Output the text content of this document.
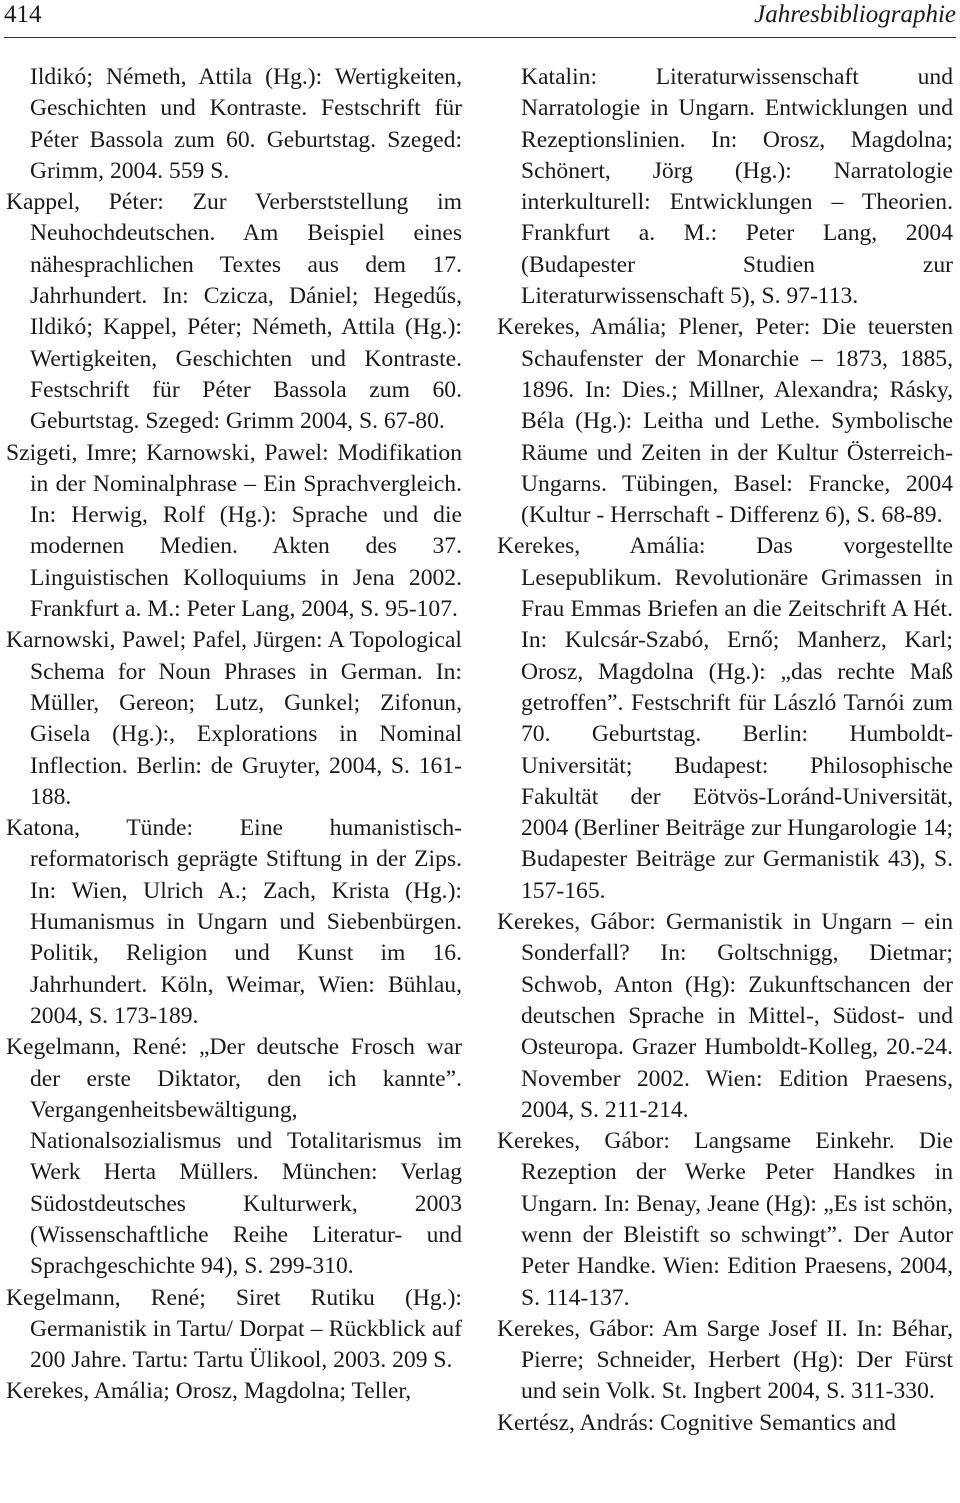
414	Jahresbibliographie

Ildikó; Németh, Attila (Hg.): Wertigkeiten, Geschichten und Kontraste. Festschrift für Péter Bassola zum 60. Geburtstag. Szeged: Grimm, 2004. 559 S.

Kappel, Péter: Zur Verberststellung im Neuhochdeutschen. Am Beispiel eines nähesprachlichen Textes aus dem 17. Jahrhundert. In: Czicza, Dániel; Hegedűs, Ildikó; Kappel, Péter; Németh, Attila (Hg.): Wertigkeiten, Geschichten und Kontraste. Festschrift für Péter Bassola zum 60. Geburtstag. Szeged: Grimm 2004, S. 67-80.

Szigeti, Imre; Karnowski, Pawel: Modifikation in der Nominalphrase – Ein Sprachvergleich. In: Herwig, Rolf (Hg.): Sprache und die modernen Medien. Akten des 37. Linguistischen Kolloquiums in Jena 2002. Frankfurt a. M.: Peter Lang, 2004, S. 95-107.

Karnowski, Pawel; Pafel, Jürgen: A Topological Schema for Noun Phrases in German. In: Müller, Gereon; Lutz, Gunkel; Zifonun, Gisela (Hg.):, Explorations in Nominal Inflection. Berlin: de Gruyter, 2004, S. 161-188.

Katona, Tünde: Eine humanistisch-reformatorisch geprägte Stiftung in der Zips. In: Wien, Ulrich A.; Zach, Krista (Hg.): Humanismus in Ungarn und Siebenbürgen. Politik, Religion und Kunst im 16. Jahrhundert. Köln, Weimar, Wien: Bühlau, 2004, S. 173-189.

Kegelmann, René: „Der deutsche Frosch war der erste Diktator, den ich kannte”. Vergangenheitsbewältigung, Nationalsozialismus und Totalitarismus im Werk Herta Müllers. München: Verlag Südostdeutsches Kulturwerk, 2003 (Wissenschaftliche Reihe Literatur- und Sprachgeschichte 94), S. 299-310.

Kegelmann, René; Siret Rutiku (Hg.): Germanistik in Tartu/ Dorpat – Rückblick auf 200 Jahre. Tartu: Tartu Ülikool, 2003. 209 S.

Kerekes, Amália; Orosz, Magdolna; Teller,

Katalin: Literaturwissenschaft und Narratologie in Ungarn. Entwicklungen und Rezeptionslinien. In: Orosz, Magdolna; Schönert, Jörg (Hg.): Narratologie interkulturell: Entwicklungen – Theorien. Frankfurt a. M.: Peter Lang, 2004 (Budapester Studien zur Literaturwissenschaft 5), S. 97-113.

Kerekes, Amália; Plener, Peter: Die teuersten Schaufenster der Monarchie – 1873, 1885, 1896. In: Dies.; Millner, Alexandra; Rásky, Béla (Hg.): Leitha und Lethe. Symbolische Räume und Zeiten in der Kultur Österreich-Ungarns. Tübingen, Basel: Francke, 2004 (Kultur - Herrschaft - Differenz 6), S. 68-89.

Kerekes, Amália: Das vorgestellte Lesepublikum. Revolutionäre Grimassen in Frau Emmas Briefen an die Zeitschrift A Hét. In: Kulcsár-Szabó, Ernő; Manherz, Karl; Orosz, Magdolna (Hg.): „das rechte Maß getroffen”. Festschrift für László Tarnói zum 70. Geburtstag. Berlin: Humboldt-Universität; Budapest: Philosophische Fakultät der Eötvös-Loránd-Universität, 2004 (Berliner Beiträge zur Hungarologie 14; Budapester Beiträge zur Germanistik 43), S. 157-165.

Kerekes, Gábor: Germanistik in Ungarn – ein Sonderfall? In: Goltschnigg, Dietmar; Schwob, Anton (Hg): Zukunftschancen der deutschen Sprache in Mittel-, Südost- und Osteuropa. Grazer Humboldt-Kolleg, 20.-24. November 2002. Wien: Edition Praesens, 2004, S. 211-214.

Kerekes, Gábor: Langsame Einkehr. Die Rezeption der Werke Peter Handkes in Ungarn. In: Benay, Jeane (Hg): „Es ist schön, wenn der Bleistift so schwingt”. Der Autor Peter Handke. Wien: Edition Praesens, 2004, S. 114-137.

Kerekes, Gábor: Am Sarge Josef II. In: Béhar, Pierre; Schneider, Herbert (Hg): Der Fürst und sein Volk. St. Ingbert 2004, S. 311-330.

Kertész, András: Cognitive Semantics and
